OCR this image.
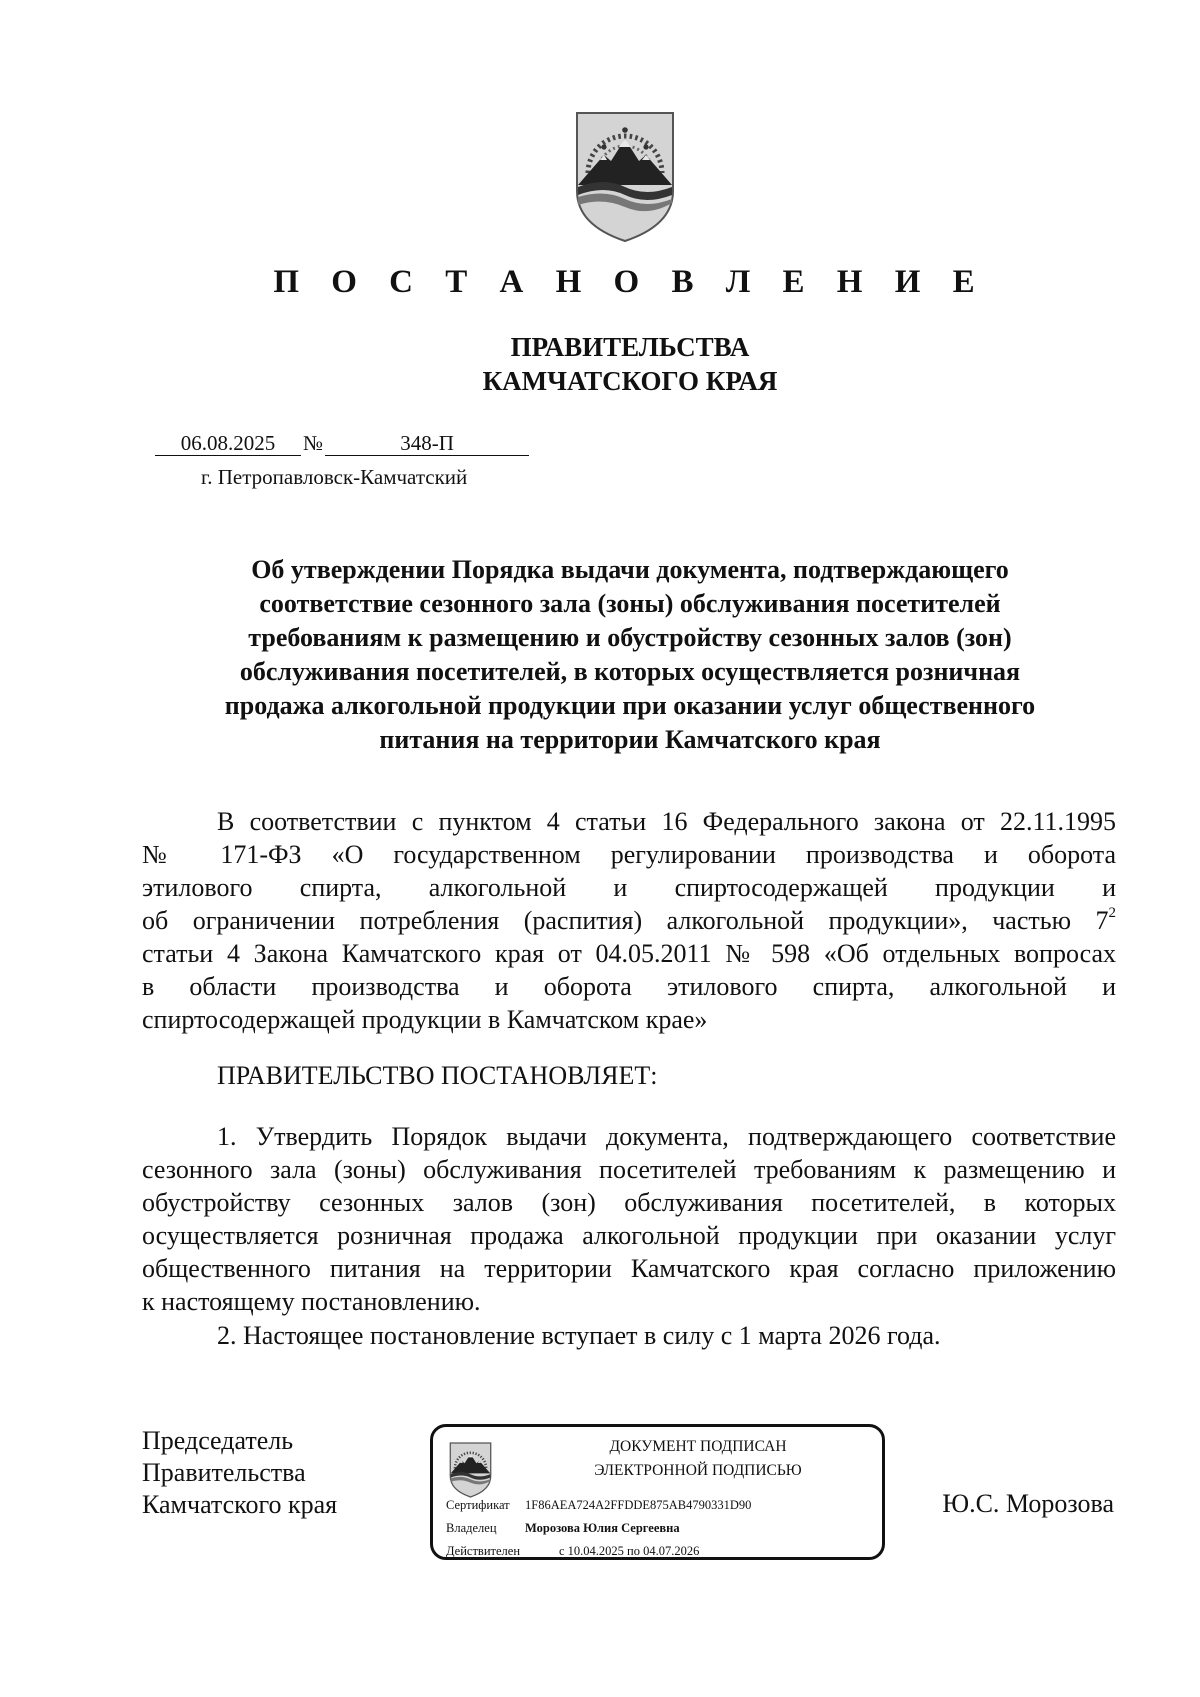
П О С Т А Н О В Л Е Н И Е
ПРАВИТЕЛЬСТВА
КАМЧАТСКОГО КРАЯ
06.08.2025 №	348-П
г. Петропавловск-Камчатский
Об утверждении Порядка выдачи документа, подтверждающего
соответствие сезонного зала (зоны) обслуживания посетителей
требованиям к размещению и обустройству сезонных залов (зон)
обслуживания посетителей, в которых осуществляется розничная
продажа алкогольной продукции при оказании услуг общественного
питания на территории Камчатского края
В соответствии с пунктом 4 статьи 16 Федерального закона от 22.11.1995
№ 171-ФЗ «О государственном регулировании производства и оборота
этилового спирта, алкогольной и спиртосодержащей продукции и
об ограничении потребления (распития) алкогольной продукции», частью $7^2$
статьи 4 Закона Камчатского края от 04.05.2011 № 598 «Об отдельных вопросах
в области производства и оборота этилового спирта, алкогольной и
спиртосодержащей продукции в Камчатском крае»
ПРАВИТЕЛЬСТВО ПОСТАНОВЛЯЕТ:
1. Утвердить Порядок выдачи документа, подтверждающего соответствие
сезонного зала (зоны) обслуживания посетителей требованиям к размещению и
обустройству сезонных залов (зон) обслуживания посетителей, в которых
осуществляется розничная продажа алкогольной продукции при оказании услуг
общественного питания на территории Камчатского края согласно приложению
к настоящему постановлению.
2. Настоящее постановление вступает в силу с 1 марта 2026 года.
Председатель
Правительства
Камчатского края
ДОКУМЕНТ ПОДПИСАН
ЭЛЕКТРОННОЙ ПОДПИСЬЮ
Сертификат 1F86AEA724A2FFDDE875AB4790331D90
Владелец Морозова Юлия Сергеевна
Действителен	с 10.04.2025 по 04.07.2026
Ю.С. Морозова
